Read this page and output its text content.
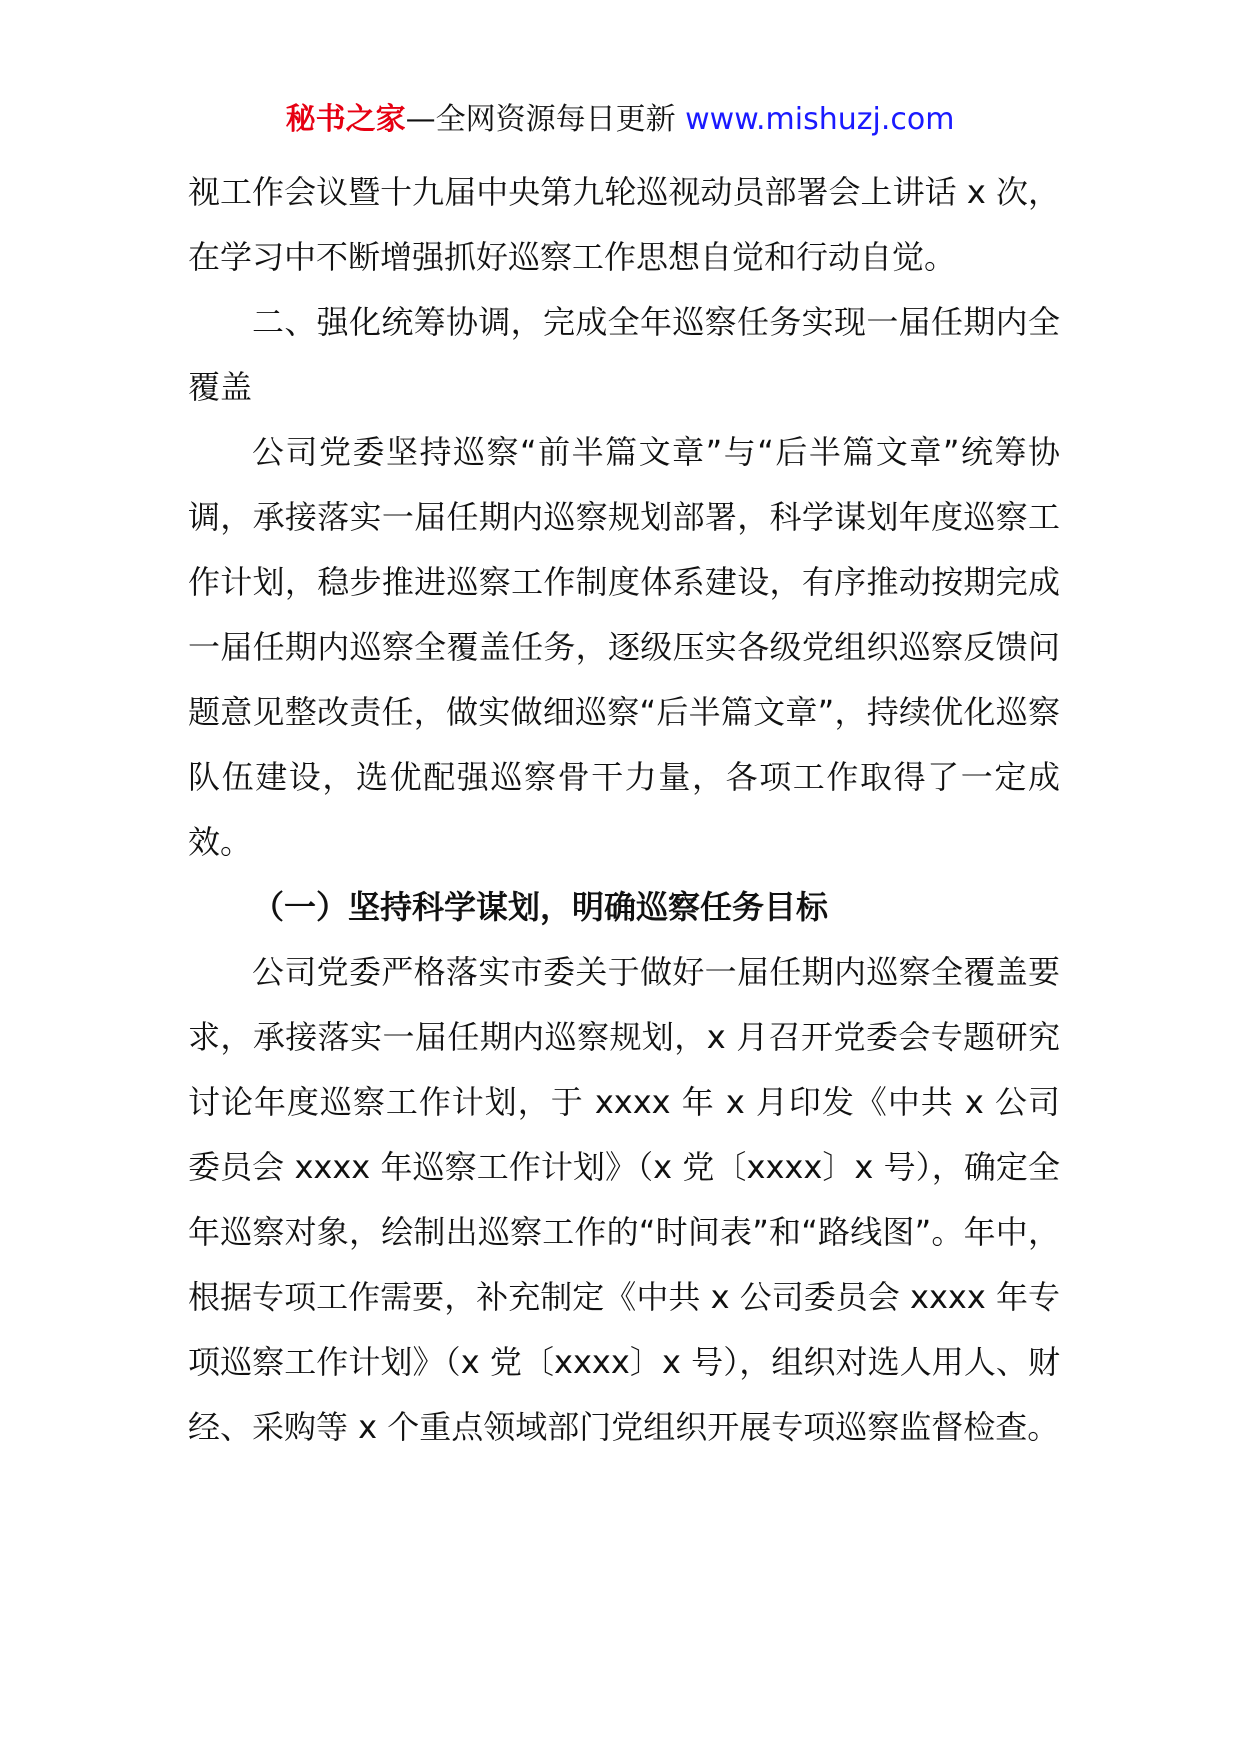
秘书之家—全网资源每日更新 www.mishuzj.com

视工作会议暨十九届中央第九轮巡视动员部署会上讲话 x 次，在学习中不断增强抓好巡察工作思想自觉和行动自觉。

二、强化统筹协调，完成全年巡察任务实现一届任期内全覆盖

公司党委坚持巡察“前半篇文章”与“后半篇文章”统筹协调，承接落实一届任期内巡察规划部署，科学谋划年度巡察工作计划，稳步推进巡察工作制度体系建设，有序推动按期完成一届任期内巡察全覆盖任务，逐级压实各级党组织巡察反馈问题意见整改责任，做实做细巡察“后半篇文章”，持续优化巡察队伍建设，选优配强巡察骨干力量，各项工作取得了一定成效。

（一）坚持科学谋划，明确巡察任务目标

公司党委严格落实市委关于做好一届任期内巡察全覆盖要求，承接落实一届任期内巡察规划，x 月召开党委会专题研究讨论年度巡察工作计划，于 xxxx 年 x 月印发《中共 x 公司委员会 xxxx 年巡察工作计划》（x 党〔xxxx〕x 号），确定全年巡察对象，绘制出巡察工作的“时间表”和“路线图”。年中，根据专项工作需要，补充制定《中共 x 公司委员会 xxxx 年专项巡察工作计划》（x 党〔xxxx〕x 号），组织对选人用人、财经、采购等 x 个重点领域部门党组织开展专项巡察监督检查。
